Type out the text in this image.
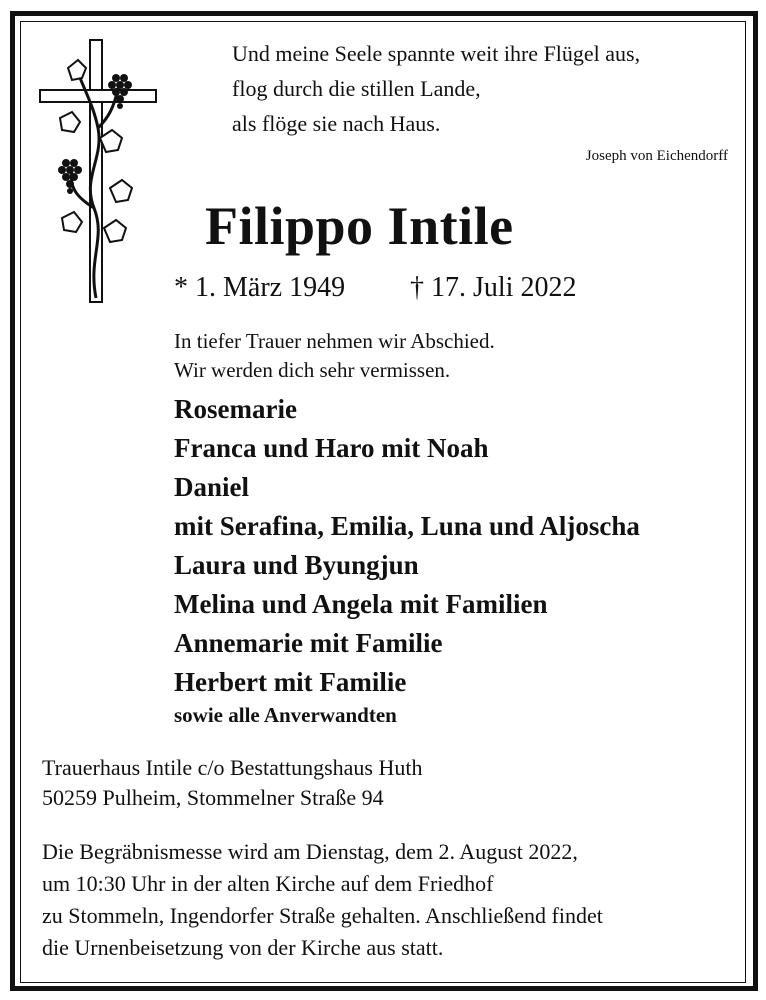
Und meine Seele spannte weit ihre Flügel aus,
flog durch die stillen Lande,
als flöge sie nach Haus.
Joseph von Eichendorff
Filippo Intile
* 1. März 1949 † 17. Juli 2022
In tiefer Trauer nehmen wir Abschied.
Wir werden dich sehr vermissen.
Rosemarie
Franca und Haro mit Noah
Daniel
mit Serafina, Emilia, Luna und Aljoscha
Laura und Byungjun
Melina und Angela mit Familien
Annemarie mit Familie
Herbert mit Familie
sowie alle Anverwandten
Trauerhaus Intile c/o Bestattungshaus Huth
50259 Pulheim, Stommelner Straße 94
Die Begräbnismesse wird am Dienstag, dem 2. August 2022,
um 10:30 Uhr in der alten Kirche auf dem Friedhof
zu Stommeln, Ingendorfer Straße gehalten. Anschließend findet
die Urnenbeisetzung von der Kirche aus statt.
